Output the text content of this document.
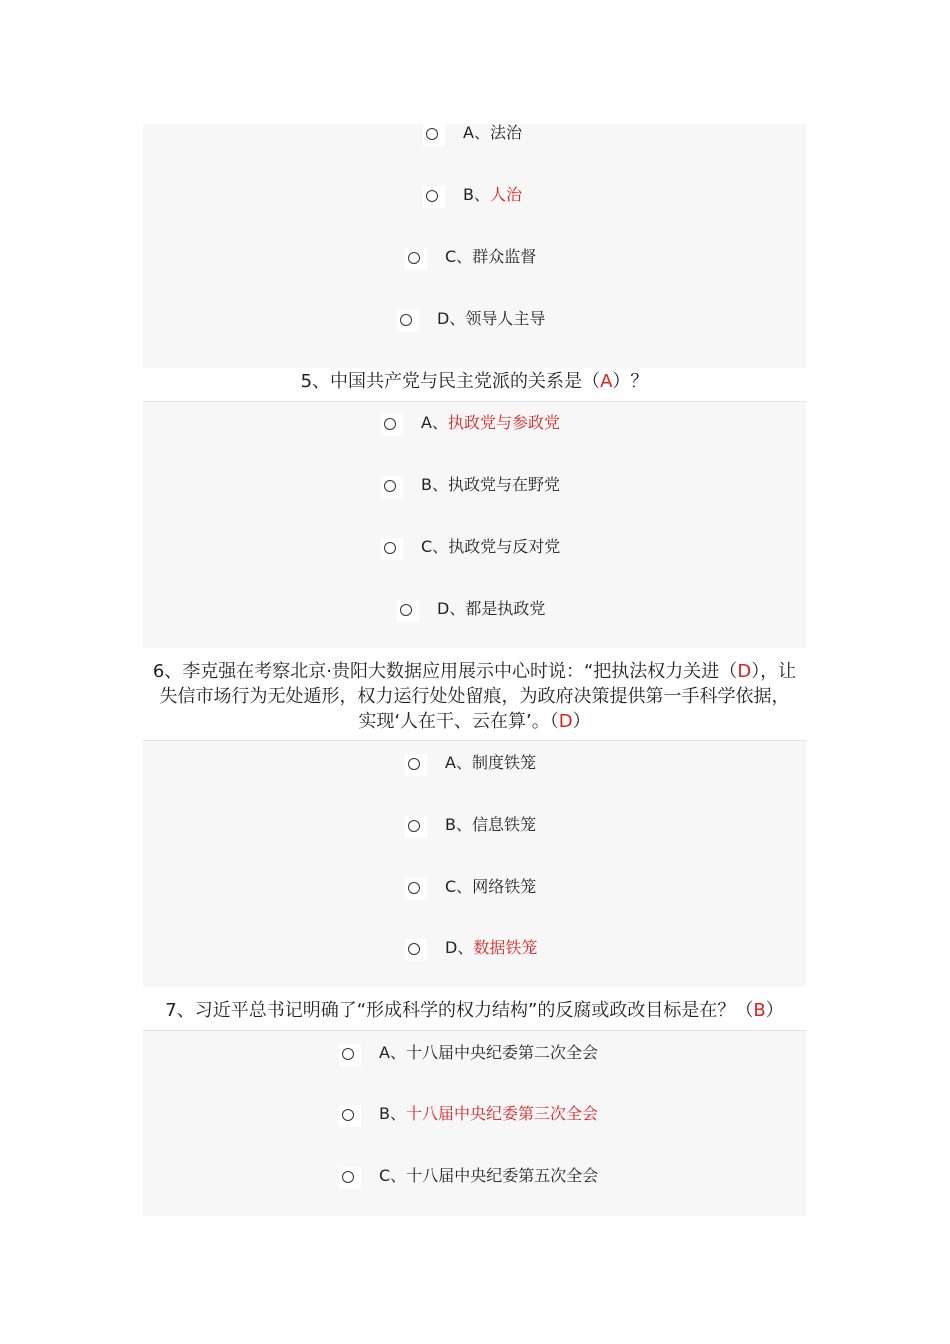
A、法治
B、人治
C、群众监督
D、领导人主导
5、中国共产党与民主党派的关系是（A）？
A、执政党与参政党
B、执政党与在野党
C、执政党与反对党
D、都是执政党
6、李克强在考察北京·贵阳大数据应用展示中心时说：“把执法权力关进（D），让
失信市场行为无处遁形，权力运行处处留痕，为政府决策提供第一手科学依据，
实现‘人在干、云在算’。（D）
A、制度铁笼
B、信息铁笼
C、网络铁笼
D、数据铁笼
7、习近平总书记明确了“形成科学的权力结构”的反腐或政改目标是在？（B）
A、十八届中央纪委第二次全会
B、十八届中央纪委第三次全会
C、十八届中央纪委第五次全会
